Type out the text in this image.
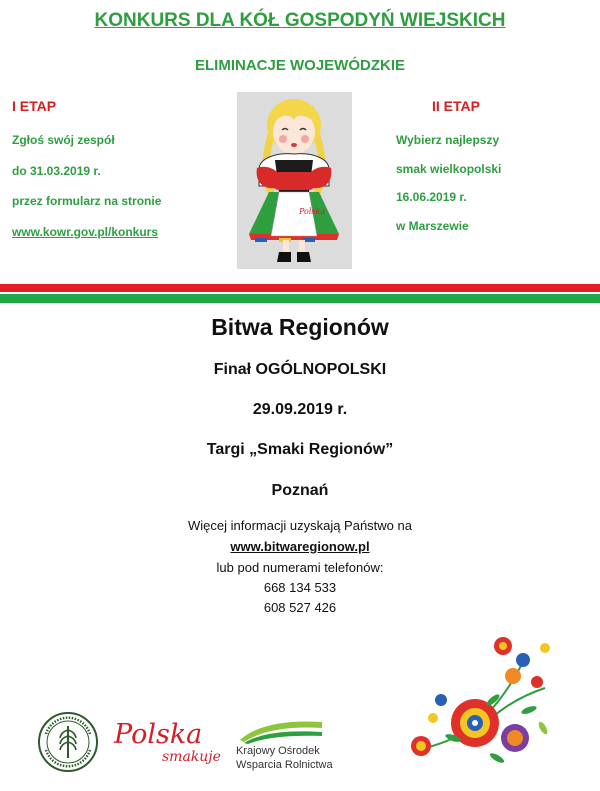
KONKURS DLA KÓŁ GOSPODYŃ WIEJSKICH
ELIMINACJE WOJEWÓDZKIE
I ETAP
Zgłoś swój zespół
do 31.03.2019 r.
przez formularz na stronie
www.kowr.gov.pl/konkurs
Polska
II ETAP
Wybierz najlepszy
smak wielkopolski
16.06.2019 r.
w Marszewie
Bitwa Regionów
Finał OGÓLNOPOLSKI
29.09.2019 r.
Targi „Smaki Regionów”
Poznań
Więcej informacji uzyskają Państwo na
www.bitwaregionow.pl
lub pod numerami telefonów:
668 134 533
608 527 426
Polska
smakuje Krajowy Ośrodek
Wsparcia Rolnictwa
